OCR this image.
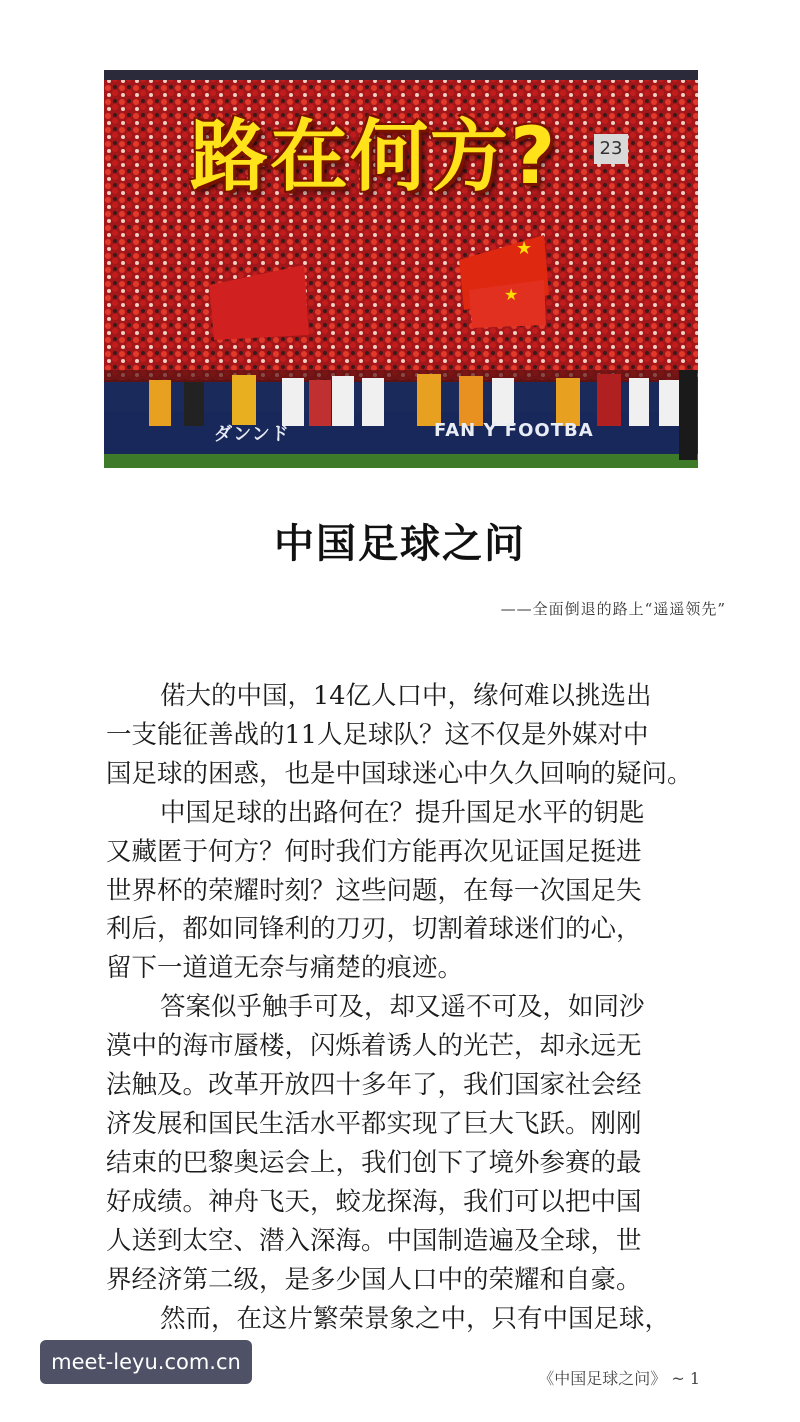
★
★
路在何方?	23
ダンンド	FAN Y FOOTBA
中国足球之问
——全面倒退的路上“遥遥领先”
偌大的中国，14亿人口中，缘何难以挑选出
一支能征善战的11人足球队？这不仅是外媒对中
国足球的困惑，也是中国球迷心中久久回响的疑问。
中国足球的出路何在？提升国足水平的钥匙
又藏匿于何方？何时我们方能再次见证国足挺进
世界杯的荣耀时刻？这些问题，在每一次国足失
利后，都如同锋利的刀刃，切割着球迷们的心，
留下一道道无奈与痛楚的痕迹。
答案似乎触手可及，却又遥不可及，如同沙
漠中的海市蜃楼，闪烁着诱人的光芒，却永远无
法触及。改革开放四十多年了，我们国家社会经
济发展和国民生活水平都实现了巨大飞跃。刚刚
结束的巴黎奥运会上，我们创下了境外参赛的最
好成绩。神舟飞天，蛟龙探海，我们可以把中国
人送到太空、潜入深海。中国制造遍及全球，世
界经济第二级，是多少国人口中的荣耀和自豪。
然而，在这片繁荣景象之中，只有中国足球，
《中国足球之问》 ~ 1
meet-leyu.com.cn
